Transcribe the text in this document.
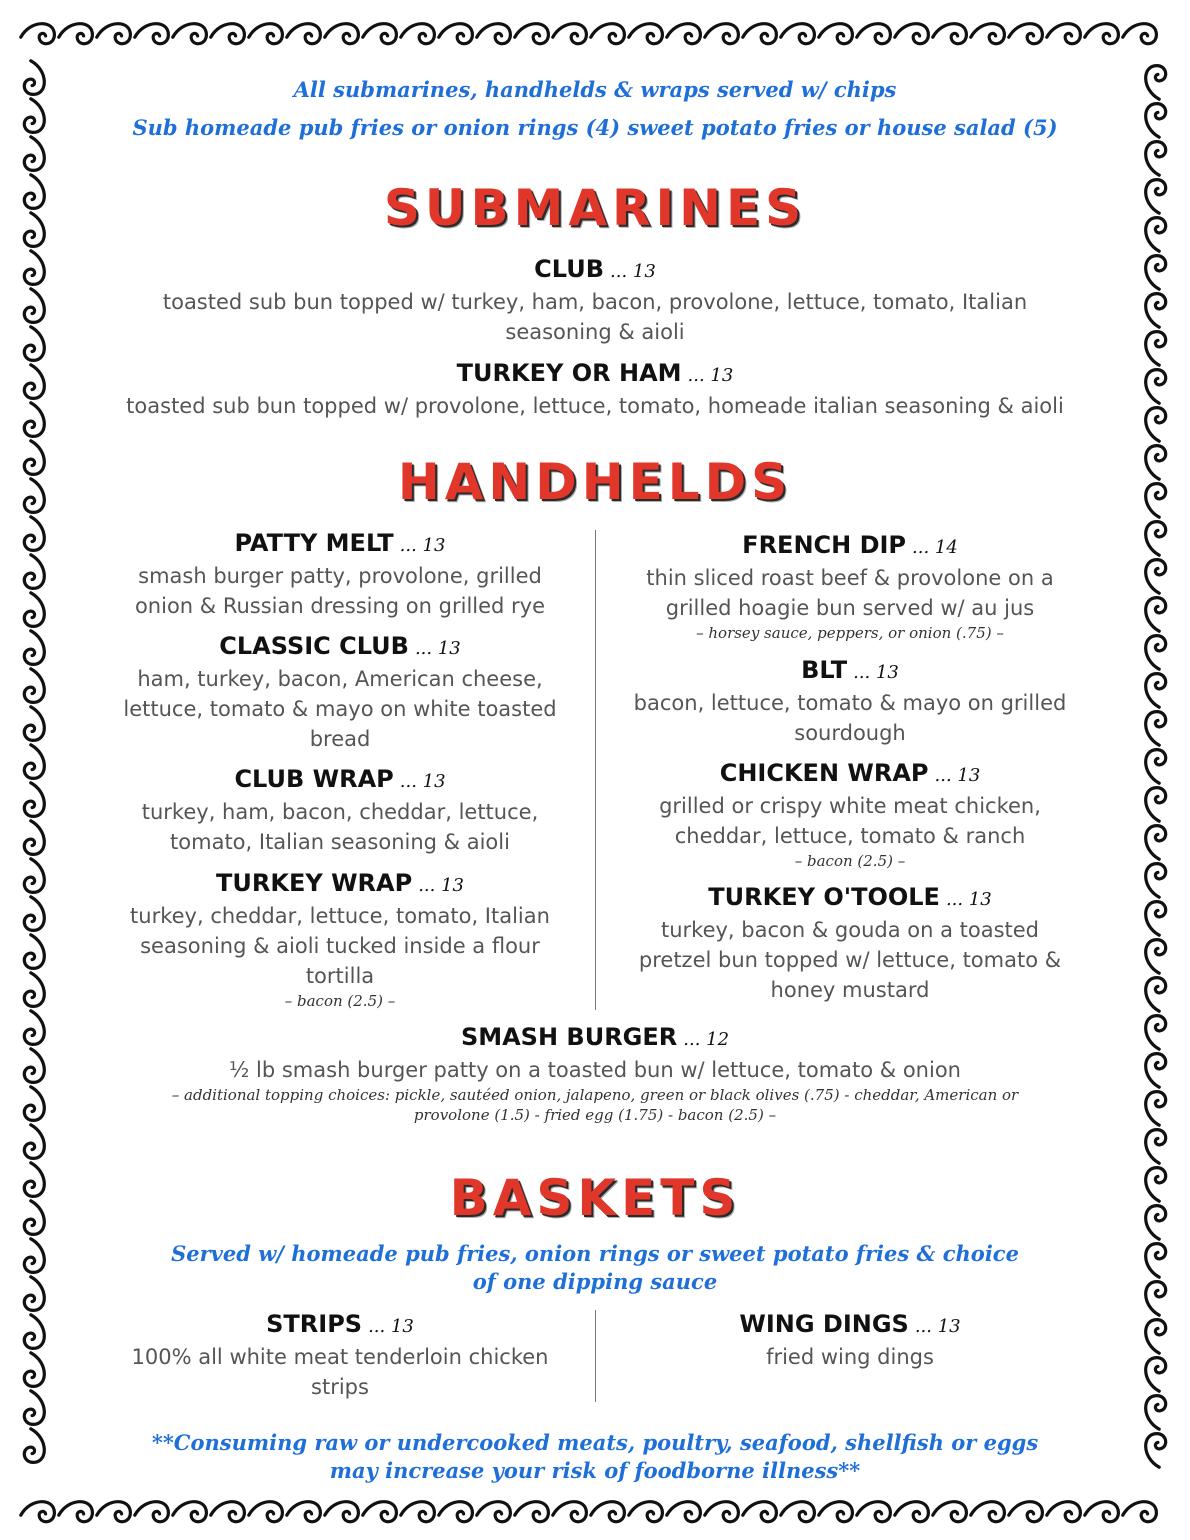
All submarines, handhelds & wraps served w/ chips
Sub homeade pub fries or onion rings (4) sweet potato fries or house salad (5)
SUBMARINES
CLUB ... 13
toasted sub bun topped w/ turkey, ham, bacon, provolone, lettuce, tomato, Italian seasoning & aioli
TURKEY OR HAM ... 13
toasted sub bun topped w/ provolone, lettuce, tomato, homeade italian seasoning & aioli
HANDHELDS
PATTY MELT ... 13
smash burger patty, provolone, grilled onion & Russian dressing on grilled rye
CLASSIC CLUB ... 13
ham, turkey, bacon, American cheese, lettuce, tomato & mayo on white toasted bread
CLUB WRAP ... 13
turkey, ham, bacon, cheddar, lettuce, tomato, Italian seasoning & aioli
TURKEY WRAP ... 13
turkey, cheddar, lettuce, tomato, Italian seasoning & aioli tucked inside a flour tortilla
– bacon (2.5) –
FRENCH DIP ... 14
thin sliced roast beef & provolone on a grilled hoagie bun served w/ au jus
– horsey sauce, peppers, or onion (.75) –
BLT ... 13
bacon, lettuce, tomato & mayo on grilled sourdough
CHICKEN WRAP ... 13
grilled or crispy white meat chicken, cheddar, lettuce, tomato & ranch
– bacon (2.5) –
TURKEY O'TOOLE ... 13
turkey, bacon & gouda on a toasted pretzel bun topped w/ lettuce, tomato & honey mustard
SMASH BURGER ... 12
½ lb smash burger patty on a toasted bun w/ lettuce, tomato & onion
– additional topping choices: pickle, sautéed onion, jalapeno, green or black olives (.75) - cheddar, American or provolone (1.5) - fried egg (1.75) - bacon (2.5) –
BASKETS
Served w/ homeade pub fries, onion rings or sweet potato fries & choice of one dipping sauce
STRIPS ... 13
100% all white meat tenderloin chicken strips
WING DINGS ... 13
fried wing dings
**Consuming raw or undercooked meats, poultry, seafood, shellfish or eggs may increase your risk of foodborne illness**
